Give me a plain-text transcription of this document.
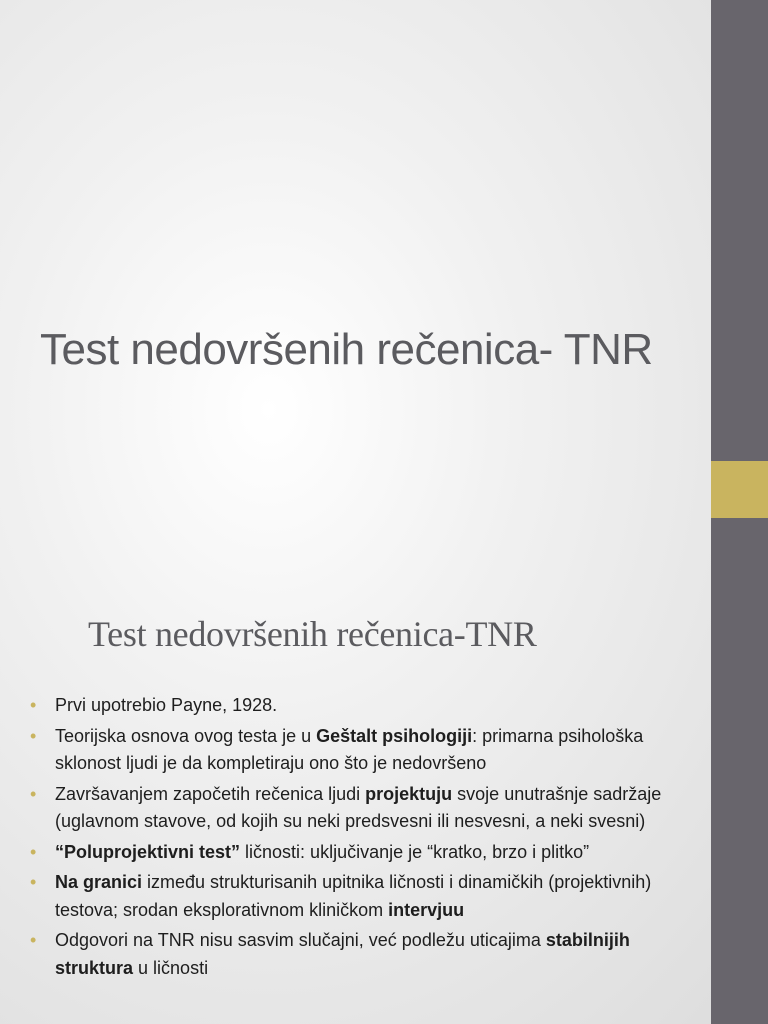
Test nedovršenih rečenica- TNR
Test nedovršenih rečenica-TNR
• Prvi upotrebio Payne, 1928.
• Teorijska osnova ovog testa je u Geštalt psihologiji: primarna psihološka sklonost ljudi je da kompletiraju ono što je nedovršeno
• Završavanjem započetih rečenica ljudi projektuju svoje unutrašnje sadržaje (uglavnom stavove, od kojih su neki predsvesni ili nesvesni, a neki svesni)
• “Poluprojektivni test” ličnosti: uključivanje je “kratko, brzo i plitko”
• Na granici između strukturisanih upitnika ličnosti i dinamičkih (projektivnih) testova; srodan eksplorativnom kliničkom intervjuu
• Odgovori na TNR nisu sasvim slučajni, već podležu uticajima stabilnijih struktura u ličnosti
